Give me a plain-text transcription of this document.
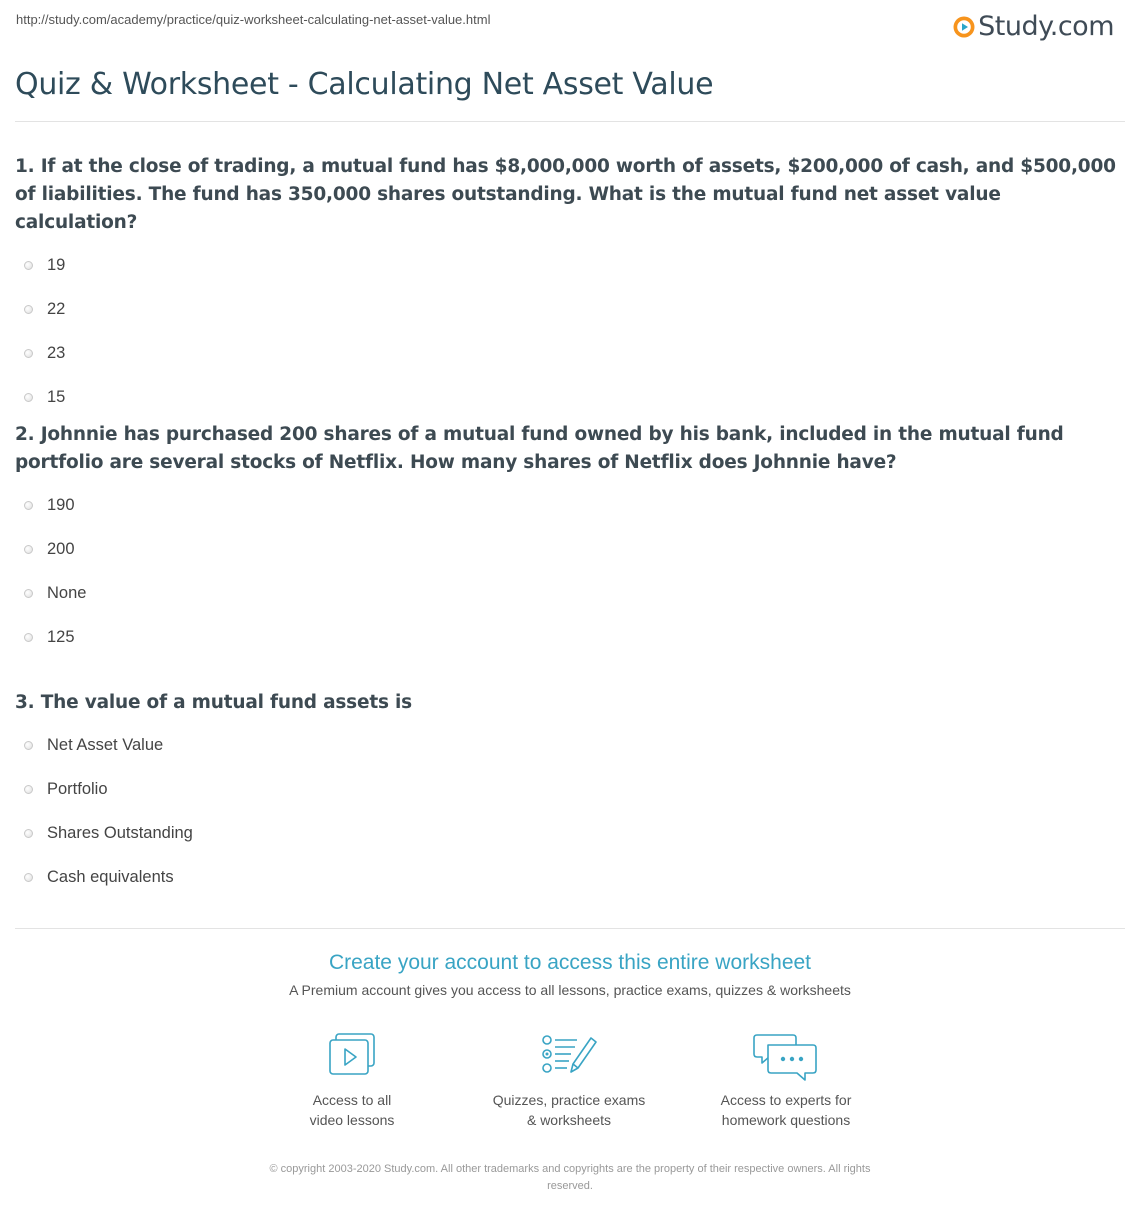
http://study.com/academy/practice/quiz-worksheet-calculating-net-asset-value.html	Study.com
Quiz & Worksheet - Calculating Net Asset Value

1. If at the close of trading, a mutual fund has $8,000,000 worth of assets, $200,000 of cash, and $500,000 of liabilities. The fund has 350,000 shares outstanding. What is the mutual fund net asset value calculation?

19
22
23
15

2. Johnnie has purchased 200 shares of a mutual fund owned by his bank, included in the mutual fund portfolio are several stocks of Netflix. How many shares of Netflix does Johnnie have?

190
200
None
125

3. The value of a mutual fund assets is

Net Asset Value
Portfolio
Shares Outstanding
Cash equivalents
Create your account to access this entire worksheet
A Premium account gives you access to all lessons, practice exams, quizzes & worksheets
Access to all
video lessons
Quizzes, practice exams
& worksheets
Access to experts for
homework questions
© copyright 2003-2020 Study.com. All other trademarks and copyrights are the property of their respective owners. All rights
reserved.
